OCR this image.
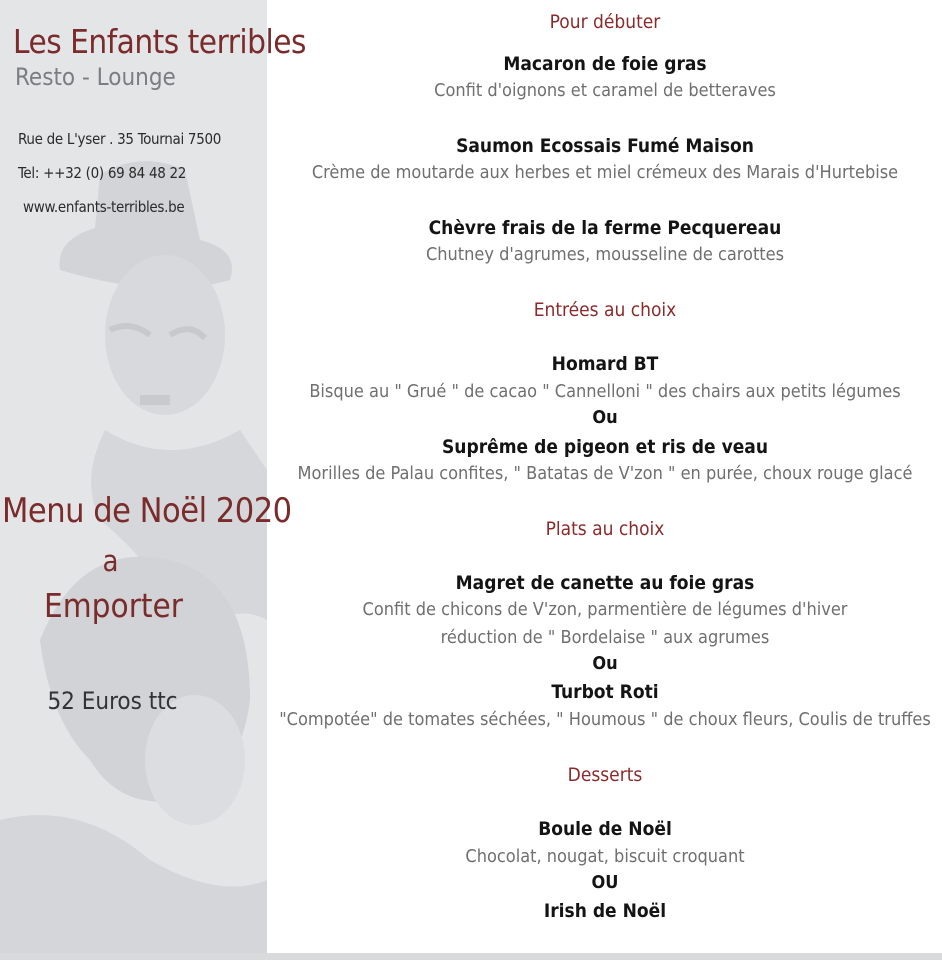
Les Enfants terribles
Resto - Lounge
Rue de L'yser . 35 Tournai 7500
Tel: ++32 (0) 69 84 48 22
www.enfants-terribles.be
Menu de Noël 2020
a
Emporter
52 Euros ttc
Pour débuter
Macaron de foie gras
Confit d'oignons et caramel de betteraves
Saumon Ecossais Fumé Maison
Crème de moutarde aux herbes et miel crémeux des Marais d'Hurtebise
Chèvre frais de la ferme Pecquereau
Chutney d'agrumes, mousseline de carottes
Entrées au choix
Homard BT
Bisque au " Grué " de cacao " Cannelloni " des chairs aux petits légumes
Ou
Suprême de pigeon et ris de veau
Morilles de Palau confites, " Batatas de V'zon " en purée, choux rouge glacé
Plats au choix
Magret de canette au foie gras
Confit de chicons de V'zon, parmentière de légumes d'hiver
réduction de " Bordelaise " aux agrumes
Ou
Turbot Roti
"Compotée" de tomates séchées, " Houmous " de choux fleurs, Coulis de truffes
Desserts
Boule de Noël
Chocolat, nougat, biscuit croquant
OU
Irish de Noël
